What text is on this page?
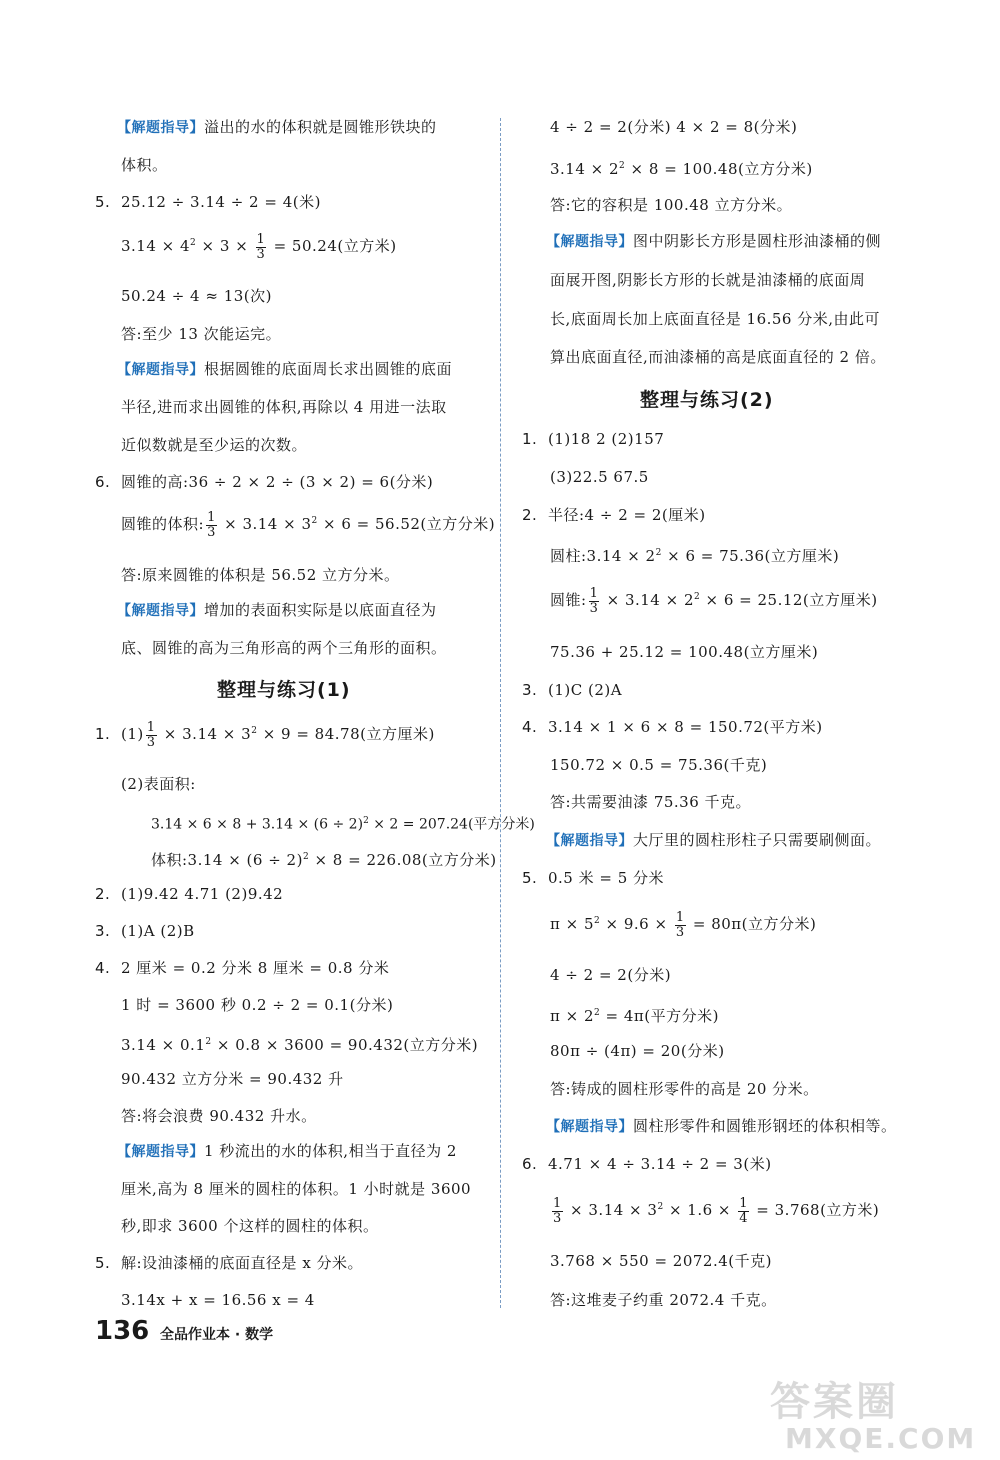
【解题指导】溢出的水的体积就是圆锥形铁块的
体积。
5. 25.12 ÷ 3.14 ÷ 2 = 4(米)
$3.14 \times 4^2 \times 3 \times \frac{1}{3} = 50.24$(立方米)
50.24 ÷ 4 ≈ 13(次)
答:至少 13 次能运完。
【解题指导】根据圆锥的底面周长求出圆锥的底面
半径,进而求出圆锥的体积,再除以 4 用进一法取
近似数就是至少运的次数。
6. 圆锥的高:36 ÷ 2 × 2 ÷ (3 × 2) = 6(分米)
圆锥的体积: $\frac{1}{3} \times 3.14 \times 3^2 \times 6 = 56.52$(立方分米)
答:原来圆锥的体积是 56.52 立方分米。
【解题指导】增加的表面积实际是以底面直径为
底、圆锥的高为三角形高的两个三角形的面积。
整理与练习(1)
1. $(1) \frac{1}{3} \times 3.14 \times 3^2 \times 9 = 84.78$(立方厘米)
(2)表面积:
$3.14 \times 6 \times 8 + 3.14 \times (6 \div 2)^2 \times 2 = 207.24$(平方分米)
体积:3.14 × $(6 \div 2)^2 \times 8 = 226.08$(立方分米)
2. (1)9.42 4.71 (2)9.42
3. (1)A (2)B
4. 2 厘米 = 0.2 分米 8 厘米 = 0.8 分米
1 时 = 3600 秒 0.2 ÷ 2 = 0.1(分米)
$3.14 \times 0.1^2 \times 0.8 \times 3600 = 90.432$(立方分米)
90.432 立方分米 = 90.432 升
答:将会浪费 90.432 升水。
【解题指导】1 秒流出的水的体积,相当于直径为 2
厘米,高为 8 厘米的圆柱的体积。1 小时就是 3600
秒,即求 3600 个这样的圆柱的体积。
5. 解:设油漆桶的底面直径是 x 分米。
3.14x + x = 16.56 x = 4
4 ÷ 2 = 2(分米) 4 × 2 = 8(分米)
$3.14 \times 2^2 \times 8 = 100.48$(立方分米)
答:它的容积是 100.48 立方分米。
【解题指导】图中阴影长方形是圆柱形油漆桶的侧
面展开图,阴影长方形的长就是油漆桶的底面周
长,底面周长加上底面直径是 16.56 分米,由此可
算出底面直径,而油漆桶的高是底面直径的 2 倍。
整理与练习(2)
1. (1)18 2 (2)157
(3)22.5 67.5
2. 半径:4 ÷ 2 = 2(厘米)
圆柱:3.14 × $2^2 \times 6 = 75.36$(立方厘米)
圆锥: $\frac{1}{3} \times 3.14 \times 2^2 \times 6 = 25.12$(立方厘米)
75.36 + 25.12 = 100.48(立方厘米)
3. (1)C (2)A
4. 3.14 × 1 × 6 × 8 = 150.72(平方米)
150.72 × 0.5 = 75.36(千克)
答:共需要油漆 75.36 千克。
【解题指导】大厅里的圆柱形柱子只需要刷侧面。
5. 0.5 米 = 5 分米
$\pi \times 5^2 \times 9.6 \times \frac{1}{3} = 80\pi$(立方分米)
4 ÷ 2 = 2(分米)
$\pi \times 2^2 = 4\pi$(平方分米)
80π ÷ (4π) = 20(分米)
答:铸成的圆柱形零件的高是 20 分米。
【解题指导】圆柱形零件和圆锥形钢坯的体积相等。
6. 4.71 × 4 ÷ 3.14 ÷ 2 = 3(米)
$\frac{1}{3} \times 3.14 \times 3^2 \times 1.6 \times \frac{1}{4} = 3.768$(立方米)
3.768 × 550 = 2072.4(千克)
答:这堆麦子约重 2072.4 千克。
136 全品作业本 · 数学
答案圈
MXQE.COM
